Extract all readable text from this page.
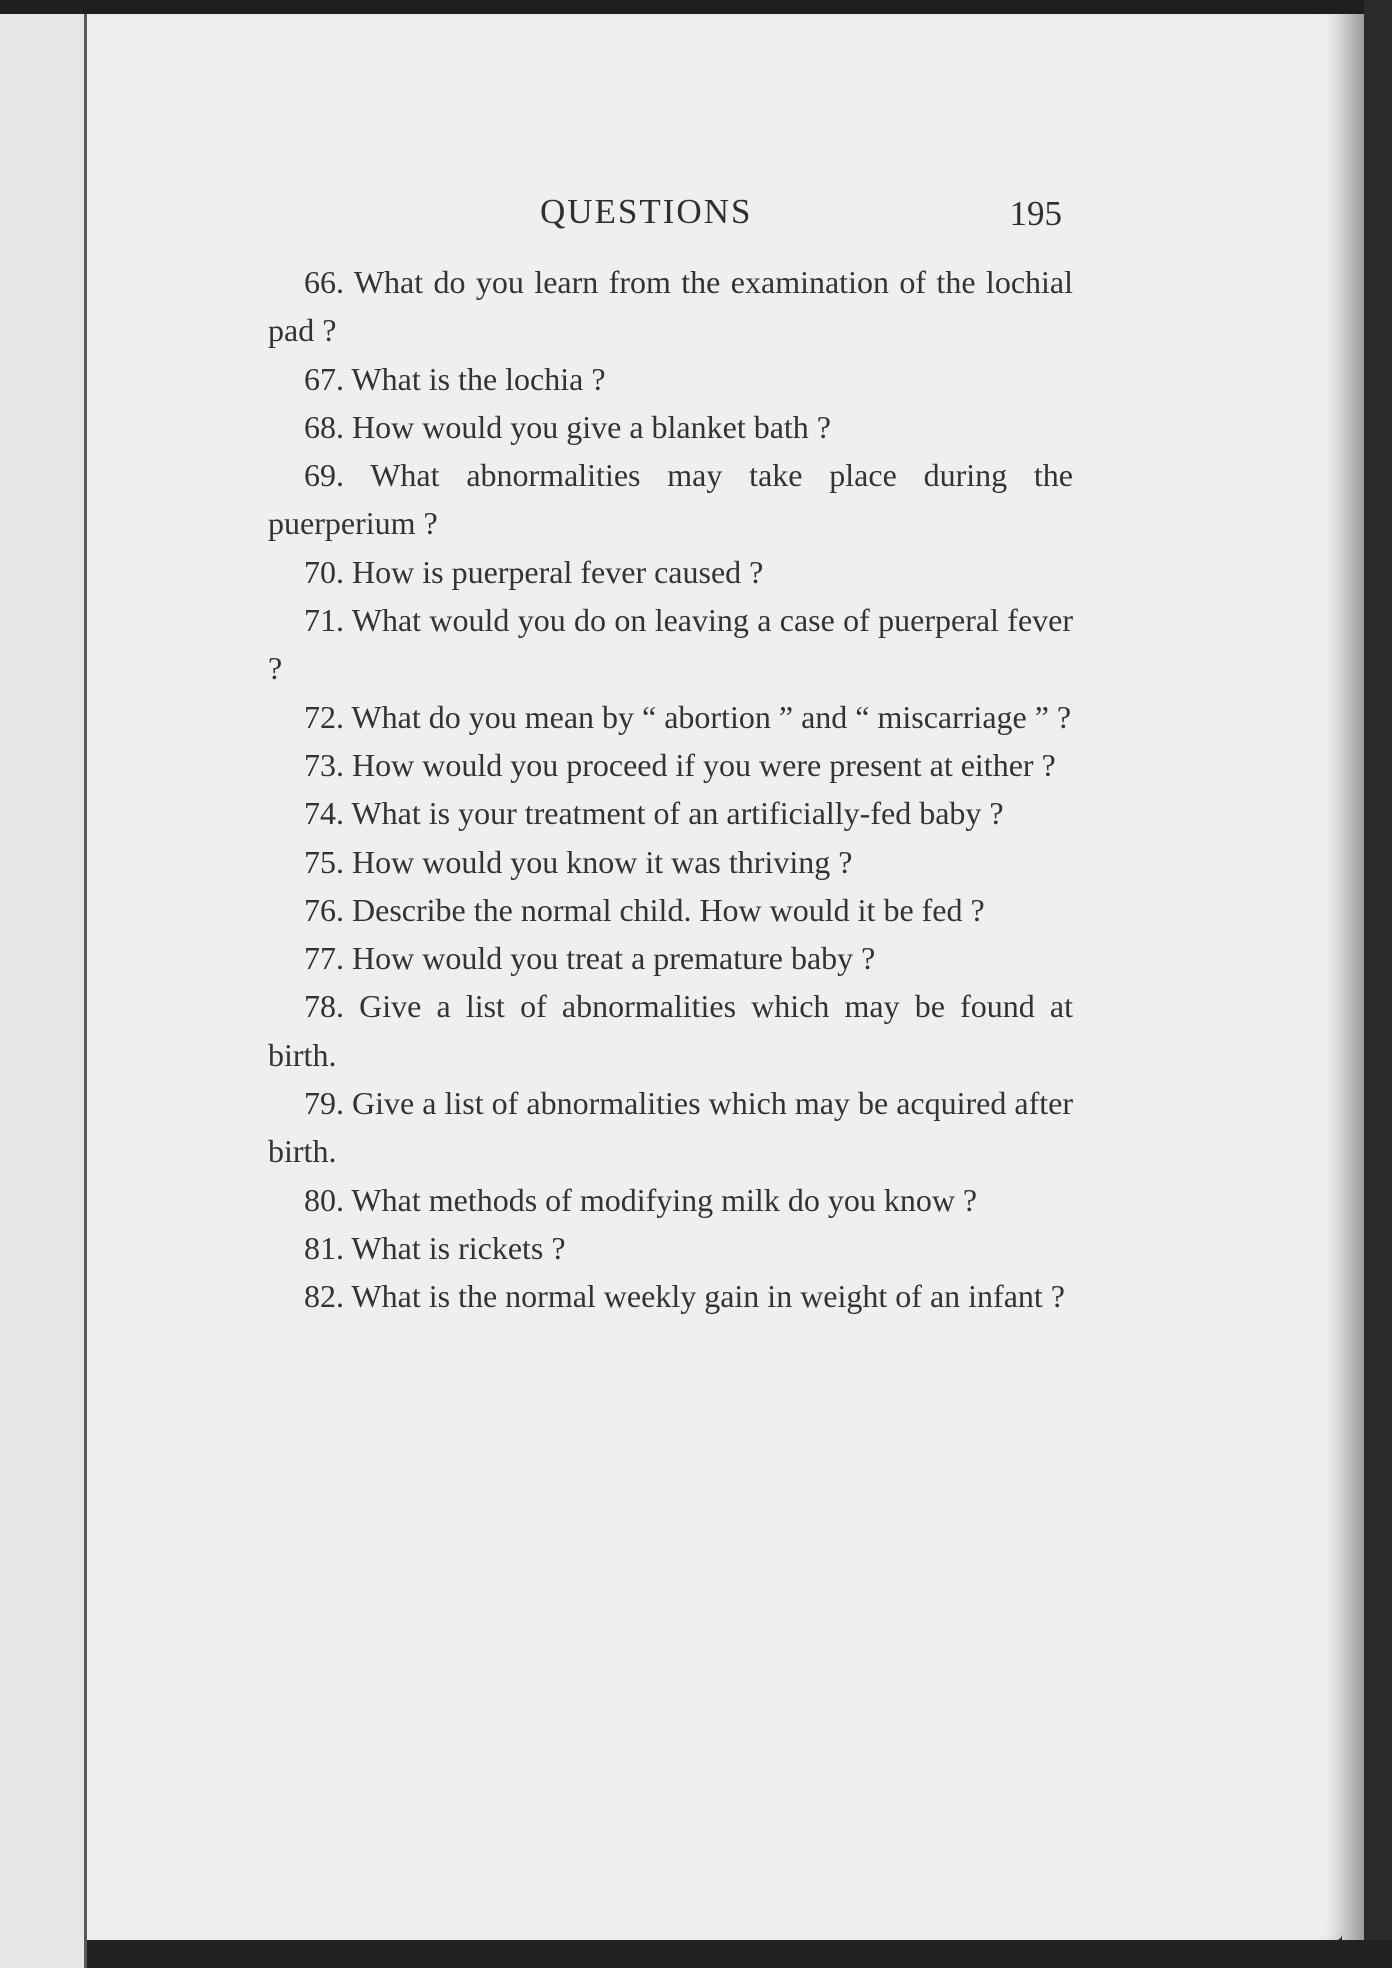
QUESTIONS	195

66. What do you learn from the examination of the lochial pad ?

67. What is the lochia ?

68. How would you give a blanket bath ?

69. What abnormalities may take place during the puerperium ?

70. How is puerperal fever caused ?

71. What would you do on leaving a case of puerperal fever ?

72. What do you mean by “ abortion ” and “ miscarriage ” ?

73. How would you proceed if you were present at either ?

74. What is your treatment of an artificially-fed baby ?

75. How would you know it was thriving ?

76. Describe the normal child. How would it be fed ?

77. How would you treat a premature baby ?

78. Give a list of abnormalities which may be found at birth.

79. Give a list of abnormalities which may be acquired after birth.

80. What methods of modifying milk do you know ?

81. What is rickets ?

82. What is the normal weekly gain in weight of an infant ?
